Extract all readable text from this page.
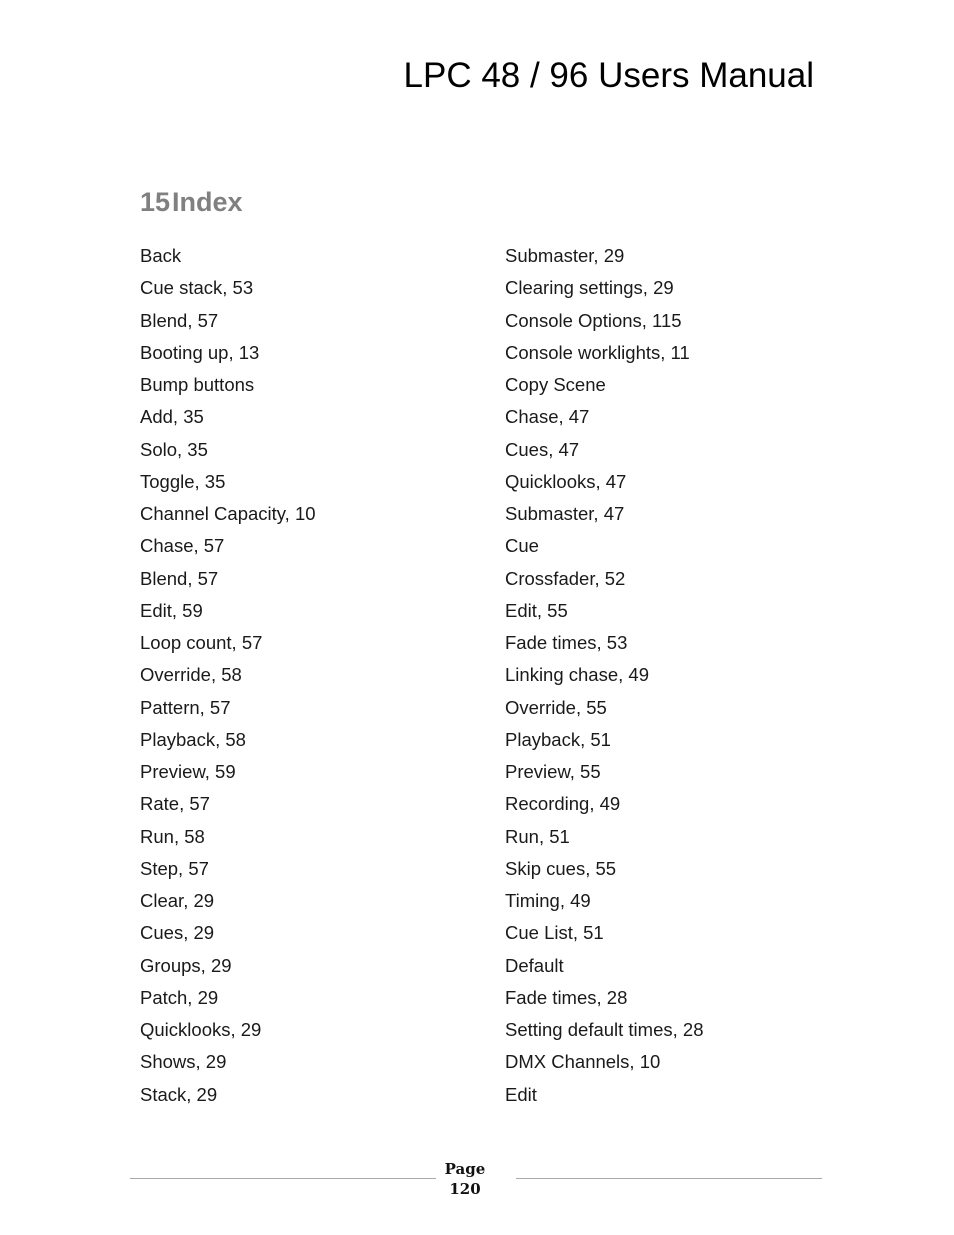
LPC 48 / 96 Users Manual
15Index
Back
Cue stack, 53
Blend, 57
Booting up, 13
Bump buttons
Add, 35
Solo, 35
Toggle, 35
Channel Capacity, 10
Chase, 57
Blend, 57
Edit, 59
Loop count, 57
Override, 58
Pattern, 57
Playback, 58
Preview, 59
Rate, 57
Run, 58
Step, 57
Clear, 29
Cues, 29
Groups, 29
Patch, 29
Quicklooks, 29
Shows, 29
Stack, 29
Submaster, 29
Clearing settings, 29
Console Options, 115
Console worklights, 11
Copy Scene
Chase, 47
Cues, 47
Quicklooks, 47
Submaster, 47
Cue
Crossfader, 52
Edit, 55
Fade times, 53
Linking chase, 49
Override, 55
Playback, 51
Preview, 55
Recording, 49
Run, 51
Skip cues, 55
Timing, 49
Cue List, 51
Default
Fade times, 28
Setting default times, 28
DMX Channels, 10
Edit
Page
120
